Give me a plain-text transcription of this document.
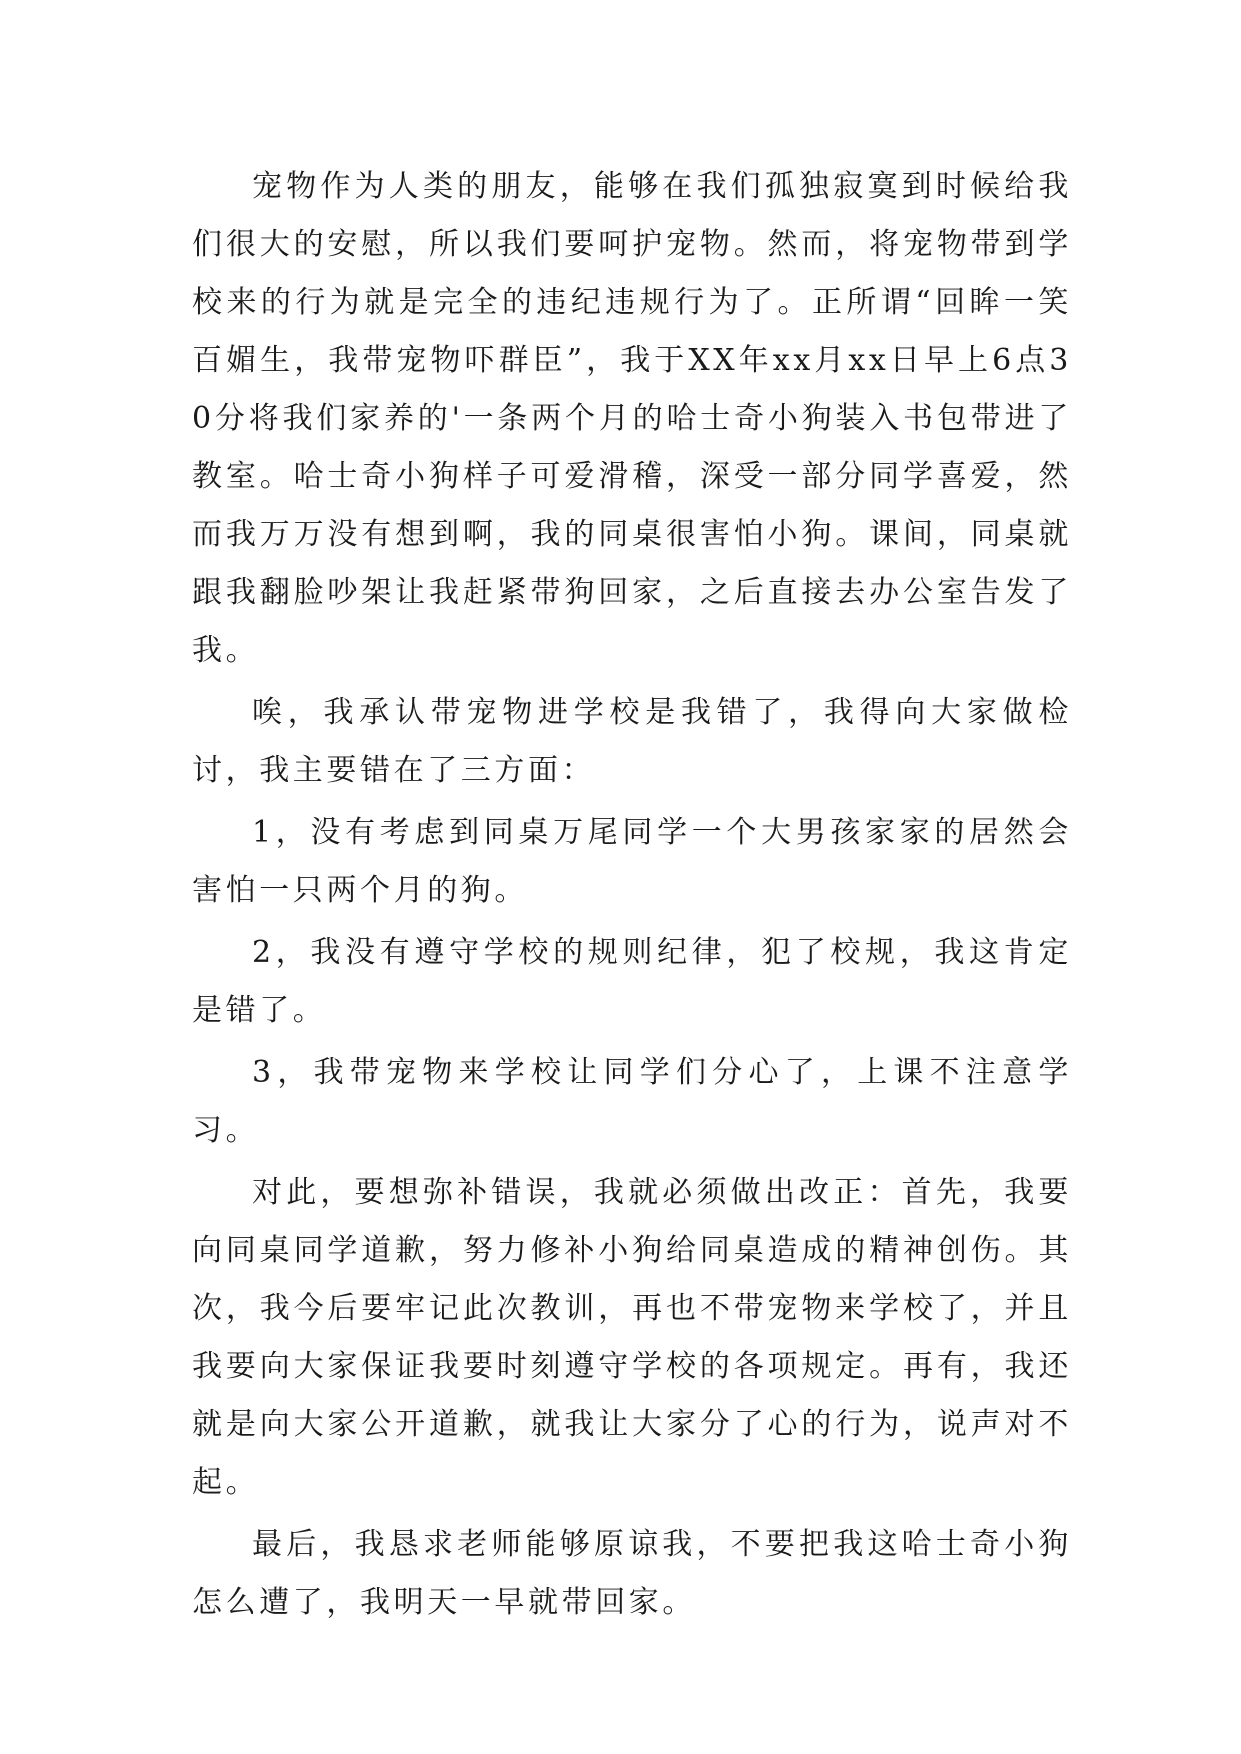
宠物作为人类的朋友，能够在我们孤独寂寞到时候给我们很大的安慰，所以我们要呵护宠物。然而，将宠物带到学校来的行为就是完全的违纪违规行为了。正所谓“回眸一笑百媚生，我带宠物吓群臣”，我于XX年xx月xx日早上6点30分将我们家养的'一条两个月的哈士奇小狗装入书包带进了教室。哈士奇小狗样子可爱滑稽，深受一部分同学喜爱，然而我万万没有想到啊，我的同桌很害怕小狗。课间，同桌就跟我翻脸吵架让我赶紧带狗回家，之后直接去办公室告发了我。

唉，我承认带宠物进学校是我错了，我得向大家做检讨，我主要错在了三方面：

1，没有考虑到同桌万尾同学一个大男孩家家的居然会害怕一只两个月的狗。

2，我没有遵守学校的规则纪律，犯了校规，我这肯定是错了。

3，我带宠物来学校让同学们分心了，上课不注意学习。

对此，要想弥补错误，我就必须做出改正：首先，我要向同桌同学道歉，努力修补小狗给同桌造成的精神创伤。其次，我今后要牢记此次教训，再也不带宠物来学校了，并且我要向大家保证我要时刻遵守学校的各项规定。再有，我还就是向大家公开道歉，就我让大家分了心的行为，说声对不起。

最后，我恳求老师能够原谅我，不要把我这哈士奇小狗怎么遭了，我明天一早就带回家。
